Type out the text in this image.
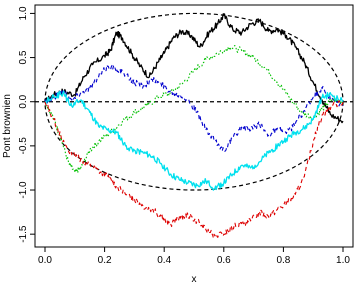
0.0	0.2	0.4	0.6	0.8	1.0
-1.5
-1.0
-0.5
0.0
0.5
1.0
x
Pont brownien
